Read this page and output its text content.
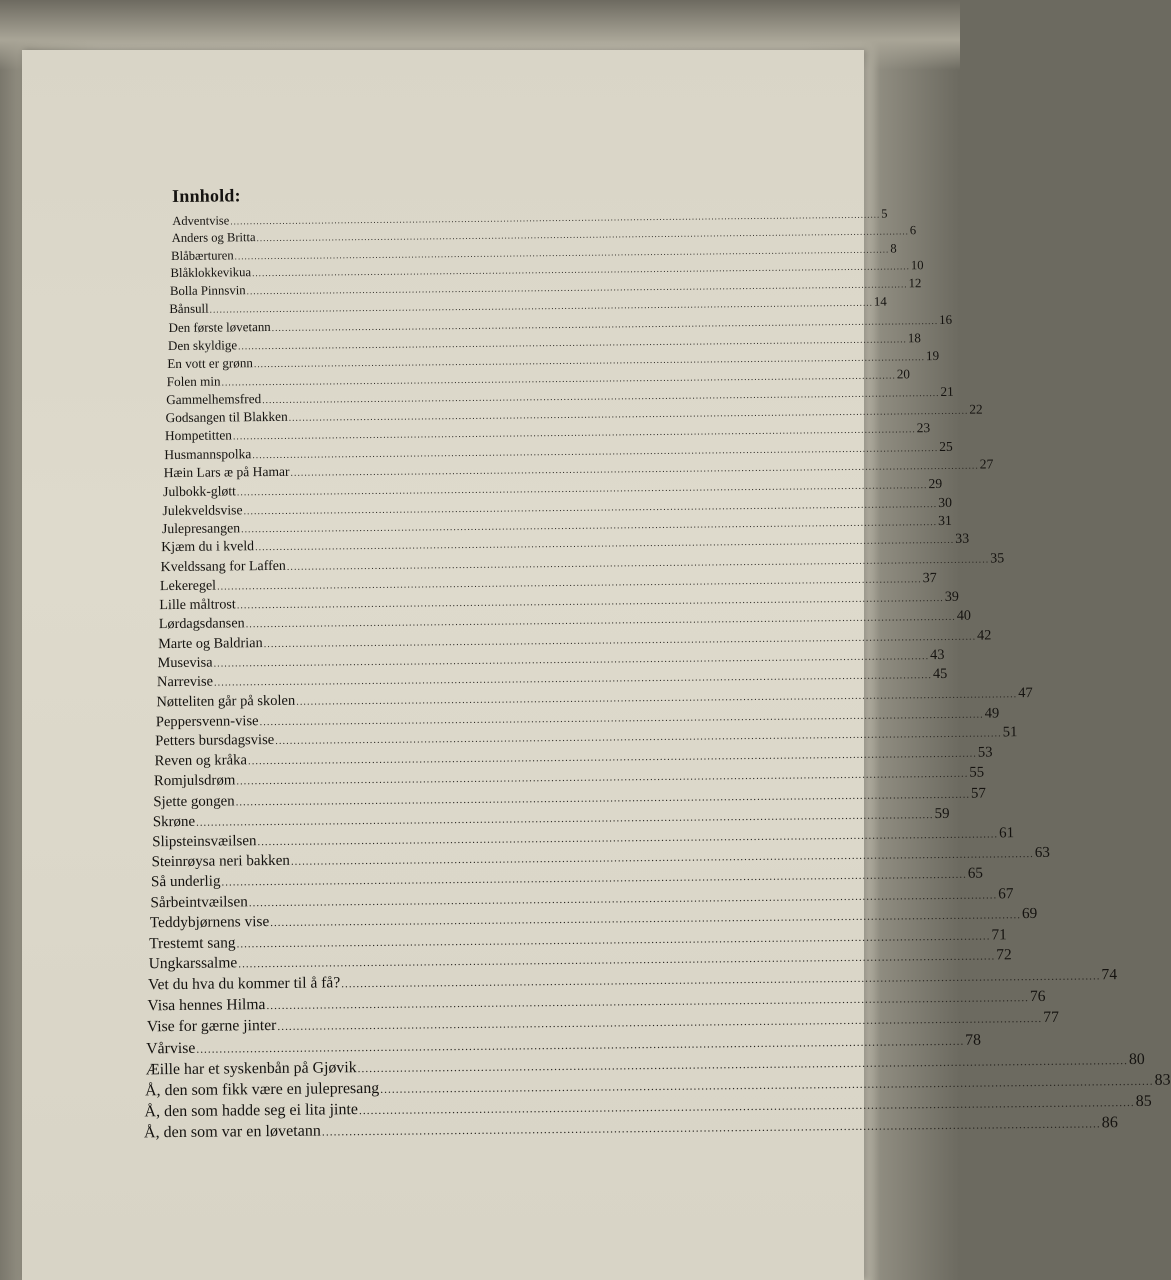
Innhold:
Adventvise ........................................................................................................................................................................................................ 5
Anders og Britta ........................................................................................................................................................................................................ 6
Blåbærturen ........................................................................................................................................................................................................ 8
Blåklokkevikua ........................................................................................................................................................................................................ 10
Bolla Pinnsvin ........................................................................................................................................................................................................ 12
Bånsull ........................................................................................................................................................................................................ 14
Den første løvetann ........................................................................................................................................................................................................ 16
Den skyldige ........................................................................................................................................................................................................ 18
En vott er grønn ........................................................................................................................................................................................................ 19
Folen min ........................................................................................................................................................................................................ 20
Gammelhemsfred ........................................................................................................................................................................................................ 21
Godsangen til Blakken ........................................................................................................................................................................................................ 22
Hompetitten ........................................................................................................................................................................................................ 23
Husmannspolka ........................................................................................................................................................................................................ 25
Hæin Lars æ på Hamar ........................................................................................................................................................................................................ 27
Julbokk-gløtt ........................................................................................................................................................................................................ 29
Julekveldsvise ........................................................................................................................................................................................................ 30
Julepresangen ........................................................................................................................................................................................................ 31
Kjæm du i kveld ........................................................................................................................................................................................................ 33
Kveldssang for Laffen ........................................................................................................................................................................................................ 35
Lekeregel ........................................................................................................................................................................................................ 37
Lille måltrost ........................................................................................................................................................................................................ 39
Lørdagsdansen ........................................................................................................................................................................................................ 40
Marte og Baldrian ........................................................................................................................................................................................................ 42
Musevisa ........................................................................................................................................................................................................ 43
Narrevise ........................................................................................................................................................................................................ 45
Nøtteliten går på skolen ........................................................................................................................................................................................................ 47
Peppersvenn-vise ........................................................................................................................................................................................................ 49
Petters bursdagsvise ........................................................................................................................................................................................................ 51
Reven og kråka ........................................................................................................................................................................................................ 53
Romjulsdrøm ........................................................................................................................................................................................................ 55
Sjette gongen ........................................................................................................................................................................................................ 57
Skrøne ........................................................................................................................................................................................................ 59
Slipsteinsvæilsen ........................................................................................................................................................................................................ 61
Steinrøysa neri bakken ........................................................................................................................................................................................................ 63
Så underlig ........................................................................................................................................................................................................ 65
Sårbeintvæilsen ........................................................................................................................................................................................................ 67
Teddybjørnens vise ........................................................................................................................................................................................................ 69
Trestemt sang ........................................................................................................................................................................................................ 71
Ungkarssalme ........................................................................................................................................................................................................ 72
Vet du hva du kommer til å få? ........................................................................................................................................................................................................ 74
Visa hennes Hilma ........................................................................................................................................................................................................ 76
Vise for gærne jinter ........................................................................................................................................................................................................ 77
Vårvise ........................................................................................................................................................................................................ 78
Æille har et syskenbån på Gjøvik ........................................................................................................................................................................................................ 80
Å, den som fikk være en julepresang ........................................................................................................................................................................................................ 83
Å, den som hadde seg ei lita jinte ........................................................................................................................................................................................................ 85
Å, den som var en løvetann ........................................................................................................................................................................................................ 86
